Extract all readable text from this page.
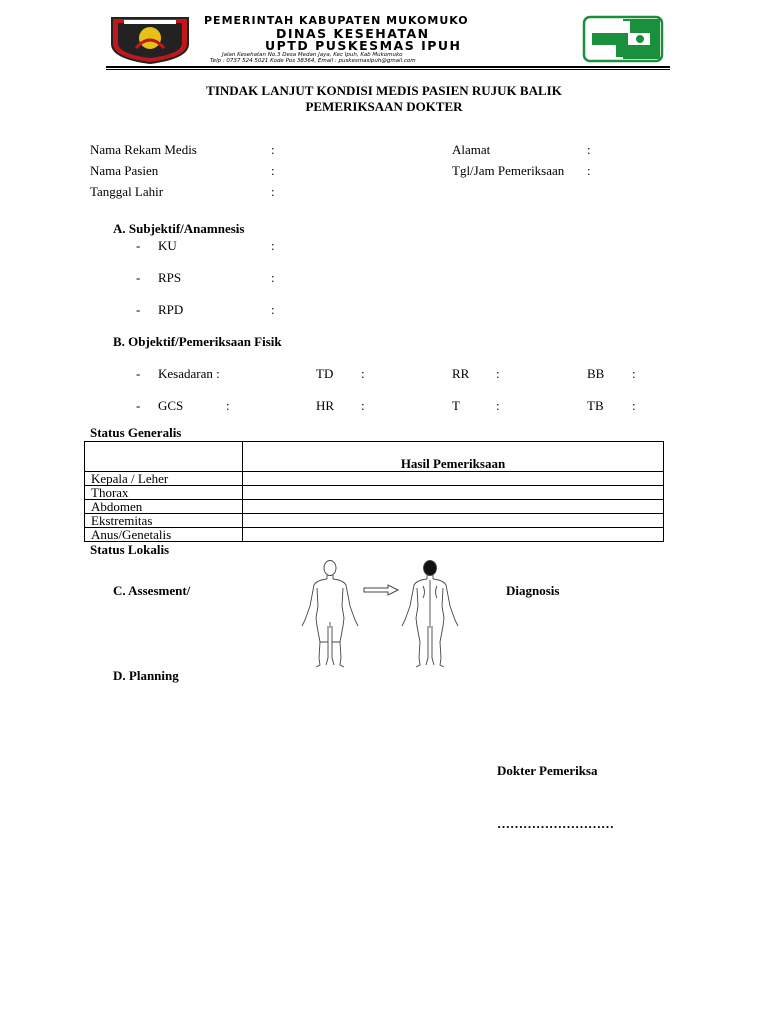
PEMERINTAH KABUPATEN MUKOMUKO
DINAS KESEHATAN
UPTD PUSKESMAS IPUH
Jalan Kesehatan No.3 Desa Medan Jaya, Kec Ipuh, Kab Mukomuko
Telp : 0737 524 5021 Kode Pos 38364, Email : puskesmasipuh@gmail.com
TINDAK LANJUT KONDISI MEDIS PASIEN RUJUK BALIK
PEMERIKSAAN DOKTER
Nama Rekam Medis	:
Nama Pasien	:
Tanggal Lahir	:
Alamat	:
Tgl/Jam Pemeriksaan :
A. Subjektif/Anamnesis
- KU	:
- RPS	:
- RPD	:
B. Objektif/Pemeriksaan Fisik
- Kesadaran :	TD :	RR :	BB :
- GCS	:	HR :	T	:	TB :
Status Generalis
	Hasil Pemeriksaan
Kepala / Leher	
Thorax	
Abdomen	
Ekstremitas	
Anus/Genetalis	
Status Lokalis
C. Assesment/	Diagnosis
D. Planning
Dokter Pemeriksa
………………………
